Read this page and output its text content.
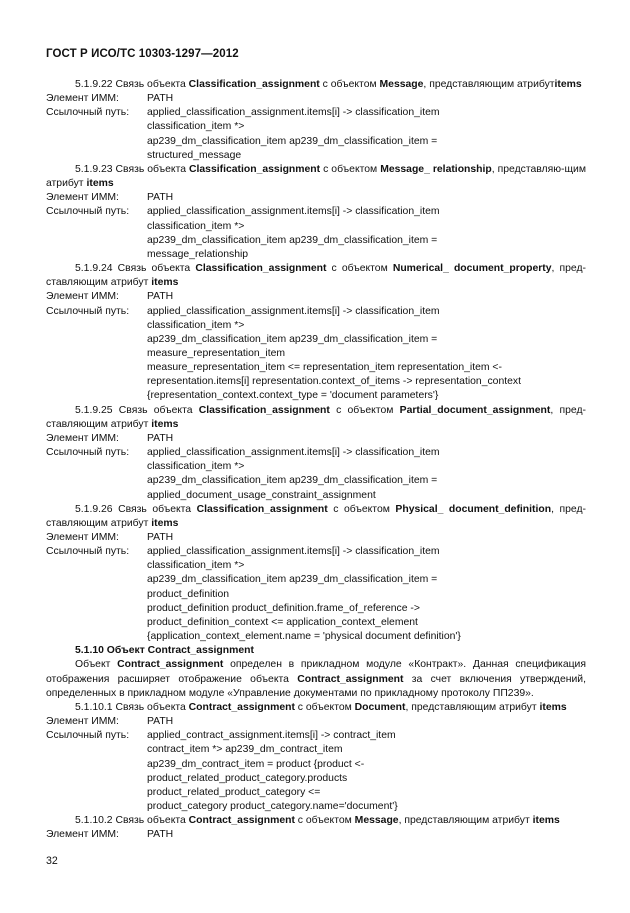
ГОСТ Р ИСО/ТС 10303-1297—2012

5.1.9.22 Связь объекта Classification_assignment с объектом Message, представляющим атрибутitems

Элемент ИММ:	PATH
Ссылочный путь:	applied_classification_assignment.items[i] -> classification_item
classification_item *>
ap239_dm_classification_item ap239_dm_classification_item =
structured_message

5.1.9.23 Связь объекта Classification_assignment с объектом Message_ relationship, представляю-щим атрибут items

Элемент ИММ:	PATH
Ссылочный путь:	applied_classification_assignment.items[i] -> classification_item
classification_item *>
ap239_dm_classification_item ap239_dm_classification_item =
message_relationship

5.1.9.24 Связь объекта Classification_assignment с объектом Numerical_ document_property, пред-ставляющим атрибут items

Элемент ИММ:	PATH
Ссылочный путь:	applied_classification_assignment.items[i] -> classification_item
classification_item *>
ap239_dm_classification_item ap239_dm_classification_item =
measure_representation_item
measure_representation_item <= representation_item representation_item <-
representation.items[i] representation.context_of_items -> representation_context
{representation_context.context_type = 'document parameters'}

5.1.9.25 Связь объекта Classification_assignment с объектом Partial_document_assignment, пред-ставляющим атрибут items

Элемент ИММ:	PATH
Ссылочный путь:	applied_classification_assignment.items[i] -> classification_item
classification_item *>
ap239_dm_classification_item ap239_dm_classification_item =
applied_document_usage_constraint_assignment

5.1.9.26 Связь объекта Classification_assignment с объектом Physical_ document_definition, пред-ставляющим атрибут items

Элемент ИММ:	PATH
Ссылочный путь:	applied_classification_assignment.items[i] -> classification_item
classification_item *>
ap239_dm_classification_item ap239_dm_classification_item =
product_definition
product_definition product_definition.frame_of_reference ->
product_definition_context <= application_context_element
{application_context_element.name = 'physical document definition'}

5.1.10 Объект Contract_assignment

Объект Contract_assignment определен в прикладном модуле «Контракт». Данная спецификация отображения расширяет отображение объекта Contract_assignment за счет включения утверждений, определенных в прикладном модуле «Управление документами по прикладному протоколу ПП239».

5.1.10.1 Связь объекта Contract_assignment с объектом Document, представляющим атрибут items

Элемент ИММ:	PATH
Ссылочный путь:	applied_contract_assignment.items[i] -> contract_item
contract_item *> ap239_dm_contract_item
ap239_dm_contract_item = product {product <-
product_related_product_category.products
product_related_product_category <=
product_category product_category.name='document'}

5.1.10.2 Связь объекта Contract_assignment с объектом Message, представляющим атрибут items

Элемент ИММ:	PATH
32
